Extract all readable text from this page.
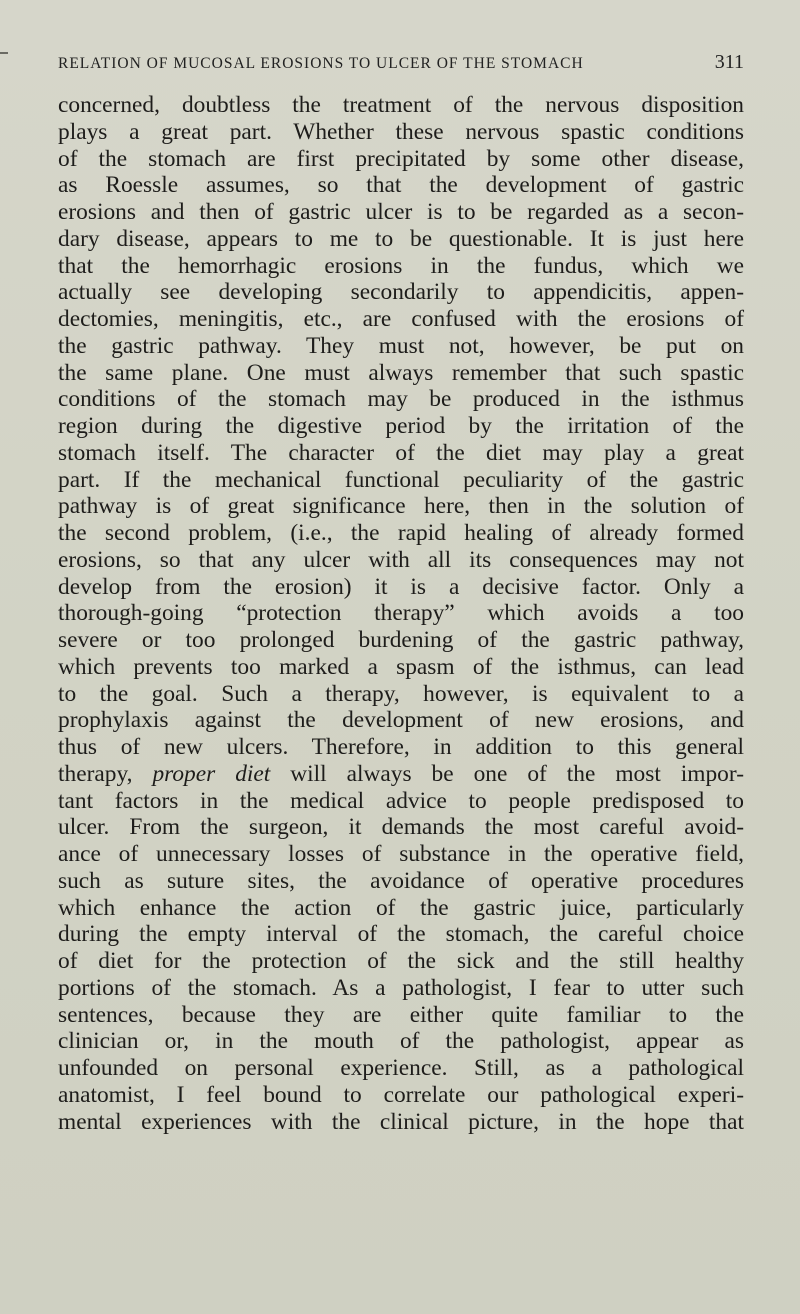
RELATION OF MUCOSAL EROSIONS TO ULCER OF THE STOMACH	311
concerned, doubtless the treatment of the nervous disposition
plays a great part. Whether these nervous spastic conditions
of the stomach are first precipitated by some other disease,
as Roessle assumes, so that the development of gastric
erosions and then of gastric ulcer is to be regarded as a secon-
dary disease, appears to me to be questionable. It is just here
that the hemorrhagic erosions in the fundus, which we
actually see developing secondarily to appendicitis, appen-
dectomies, meningitis, etc., are confused with the erosions of
the gastric pathway. They must not, however, be put on
the same plane. One must always remember that such spastic
conditions of the stomach may be produced in the isthmus
region during the digestive period by the irritation of the
stomach itself. The character of the diet may play a great
part. If the mechanical functional peculiarity of the gastric
pathway is of great significance here, then in the solution of
the second problem, (i.e., the rapid healing of already formed
erosions, so that any ulcer with all its consequences may not
develop from the erosion) it is a decisive factor. Only a
thorough-going “protection therapy” which avoids a too
severe or too prolonged burdening of the gastric pathway,
which prevents too marked a spasm of the isthmus, can lead
to the goal. Such a therapy, however, is equivalent to a
prophylaxis against the development of new erosions, and
thus of new ulcers. Therefore, in addition to this general
therapy, proper diet will always be one of the most impor-
tant factors in the medical advice to people predisposed to
ulcer. From the surgeon, it demands the most careful avoid-
ance of unnecessary losses of substance in the operative field,
such as suture sites, the avoidance of operative procedures
which enhance the action of the gastric juice, particularly
during the empty interval of the stomach, the careful choice
of diet for the protection of the sick and the still healthy
portions of the stomach. As a pathologist, I fear to utter such
sentences, because they are either quite familiar to the
clinician or, in the mouth of the pathologist, appear as
unfounded on personal experience. Still, as a pathological
anatomist, I feel bound to correlate our pathological experi-
mental experiences with the clinical picture, in the hope that
